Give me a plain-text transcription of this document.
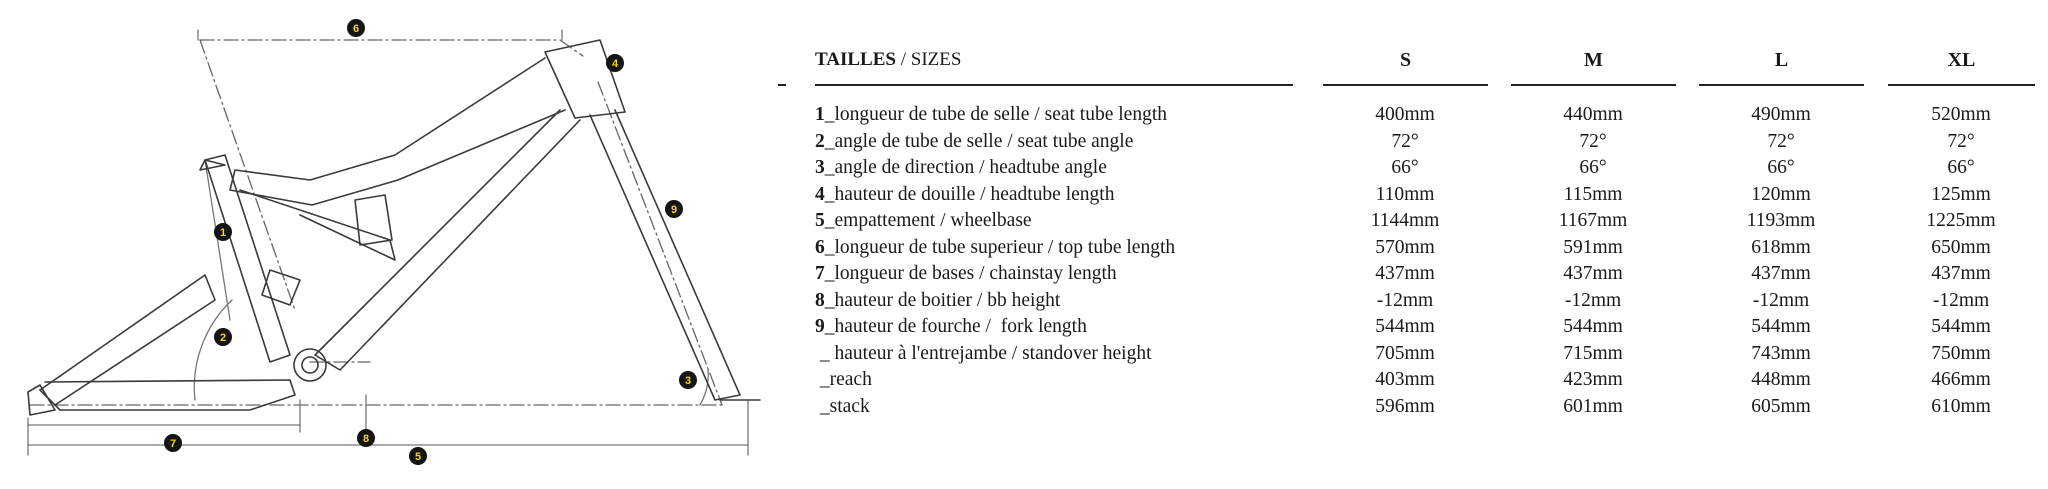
6
4
9
1
2
3
7	8
5
TAILLES / SIZES	S	M	L	XL
1_longueur de tube de selle / seat tube length	400mm	440mm	490mm	520mm
2_angle de tube de selle / seat tube angle	72°	72°	72°	72°
3_angle de direction / headtube angle	66°	66°	66°	66°
4_hauteur de douille / headtube length	110mm	115mm	120mm	125mm
5_empattement / wheelbase	1144mm	1167mm	1193mm	1225mm
6_longueur de tube superieur / top tube length	570mm	591mm	618mm	650mm
7_longueur de bases / chainstay length	437mm	437mm	437mm	437mm
8_hauteur de boitier / bb height	-12mm	-12mm	-12mm	-12mm
9_hauteur de fourche /  fork length	544mm	544mm	544mm	544mm
_ hauteur à l'entrejambe / standover height	705mm	715mm	743mm	750mm
_reach	403mm	423mm	448mm	466mm
_stack	596mm	601mm	605mm	610mm
